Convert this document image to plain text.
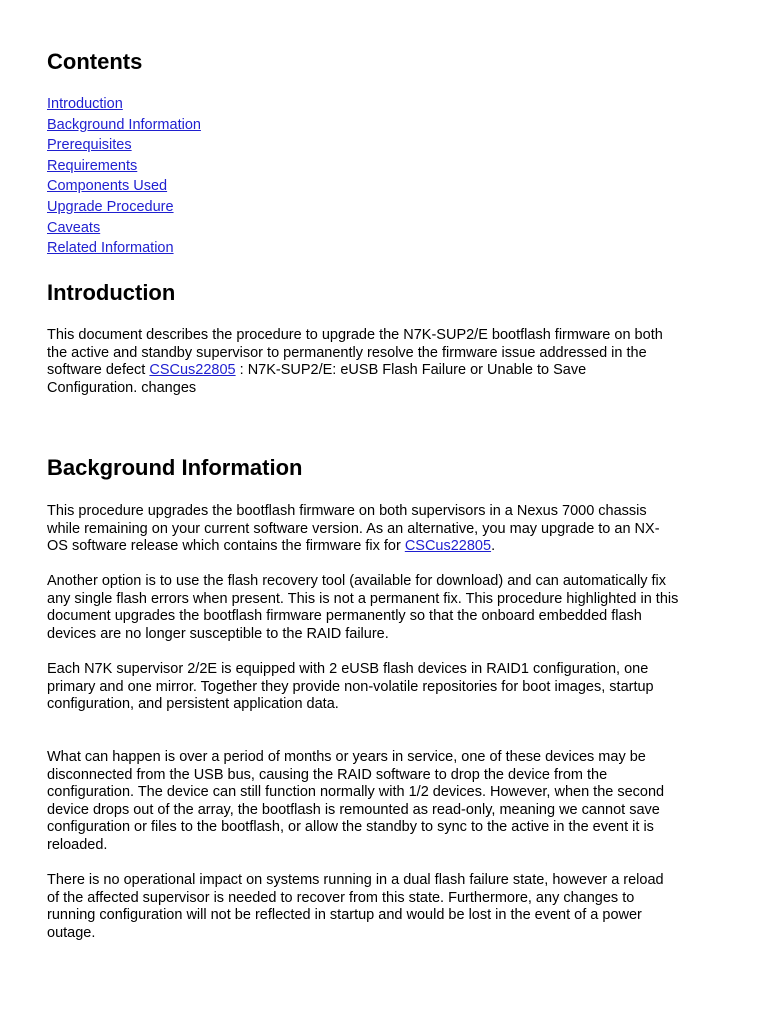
Contents
Introduction
Background Information
Prerequisites
Requirements
Components Used
Upgrade Procedure
Caveats
Related Information
Introduction

This document describes the procedure to upgrade the N7K-SUP2/E bootflash firmware on both
the active and standby supervisor to permanently resolve the firmware issue addressed in the
software defect CSCus22805 : N7K-SUP2/E: eUSB Flash Failure or Unable to Save
Configuration. changes

Background Information

This procedure upgrades the bootflash firmware on both supervisors in a Nexus 7000 chassis
while remaining on your current software version. As an alternative, you may upgrade to an NX-
OS software release which contains the firmware fix for CSCus22805.

Another option is to use the flash recovery tool (available for download) and can automatically fix
any single flash errors when present. This is not a permanent fix. This procedure highlighted in this
document upgrades the bootflash firmware permanently so that the onboard embedded flash
devices are no longer susceptible to the RAID failure.

Each N7K supervisor 2/2E is equipped with 2 eUSB flash devices in RAID1 configuration, one
primary and one mirror. Together they provide non-volatile repositories for boot images, startup
configuration, and persistent application data.

What can happen is over a period of months or years in service, one of these devices may be
disconnected from the USB bus, causing the RAID software to drop the device from the
configuration. The device can still function normally with 1/2 devices. However, when the second
device drops out of the array, the bootflash is remounted as read-only, meaning we cannot save
configuration or files to the bootflash, or allow the standby to sync to the active in the event it is
reloaded.

There is no operational impact on systems running in a dual flash failure state, however a reload
of the affected supervisor is needed to recover from this state. Furthermore, any changes to
running configuration will not be reflected in startup and would be lost in the event of a power
outage.
